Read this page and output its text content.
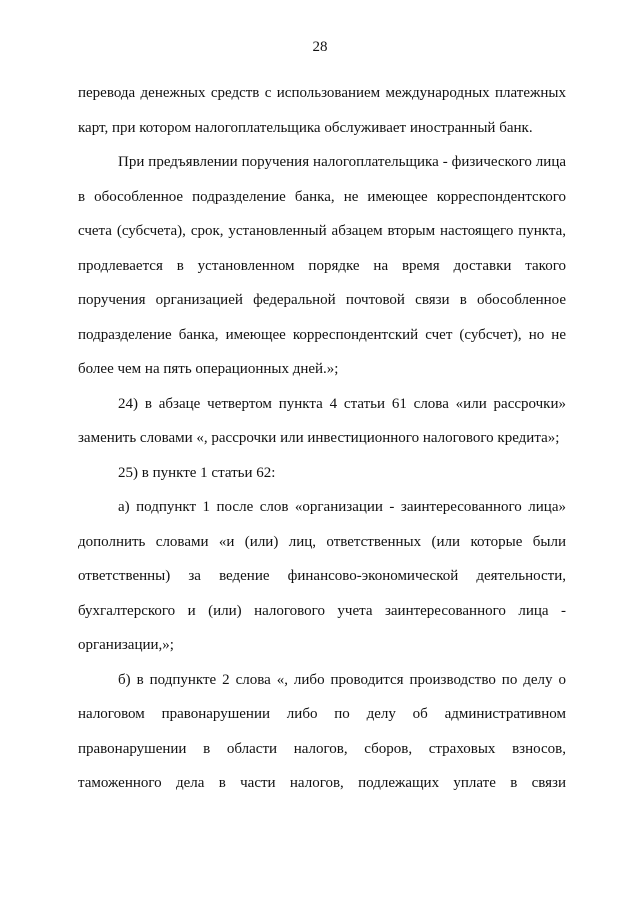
28

перевода денежных средств с использованием международных платежных карт, при котором налогоплательщика обслуживает иностранный банк.

При предъявлении поручения налогоплательщика - физического лица в обособленное подразделение банка, не имеющее корреспондентского счета (субсчета), срок, установленный абзацем вторым настоящего пункта, продлевается в установленном порядке на время доставки такого поручения организацией федеральной почтовой связи в обособленное подразделение банка, имеющее корреспондентский счет (субсчет), но не более чем на пять операционных дней.»;

24) в абзаце четвертом пункта 4 статьи 61 слова «или рассрочки» заменить словами «, рассрочки или инвестиционного налогового кредита»;

25) в пункте 1 статьи 62:

а) подпункт 1 после слов «организации - заинтересованного лица» дополнить словами «и (или) лиц, ответственных (или которые были ответственны) за ведение финансово-экономической деятельности, бухгалтерского и (или) налогового учета заинтересованного лица - организации,»;

б) в подпункте 2 слова «, либо проводится производство по делу о налоговом правонарушении либо по делу об административном правонарушении в области налогов, сборов, страховых взносов, таможенного дела в части налогов, подлежащих уплате в связи
